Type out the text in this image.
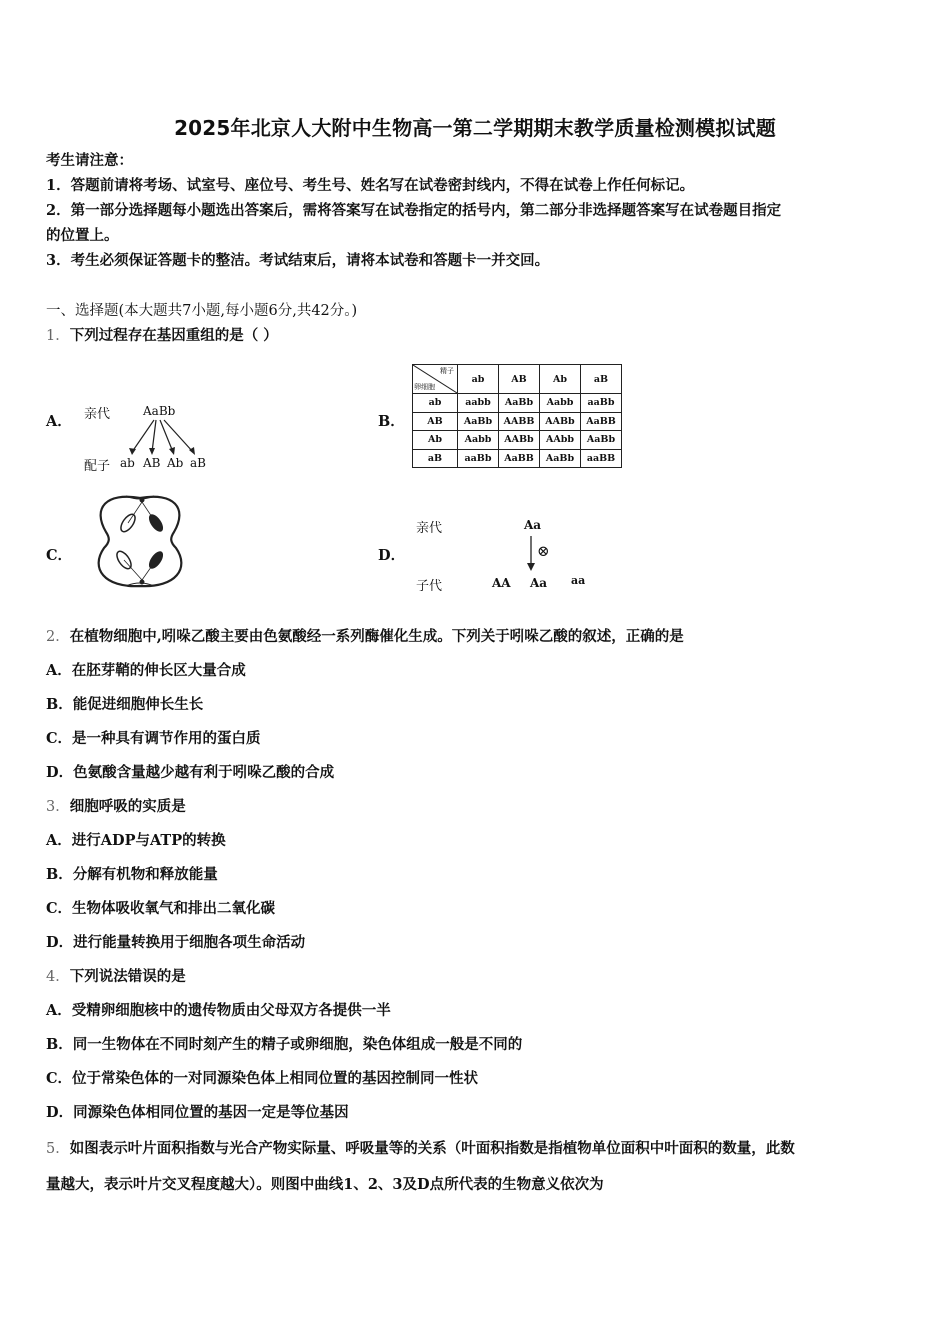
2025年北京人大附中生物高一第二学期期末教学质量检测模拟试题
考生请注意：
1．答题前请将考场、试室号、座位号、考生号、姓名写在试卷密封线内，不得在试卷上作任何标记。
2．第一部分选择题每小题选出答案后，需将答案写在试卷指定的括号内，第二部分非选择题答案写在试卷题目指定
的位置上。
3．考生必须保证答题卡的整洁。考试结束后，请将本试卷和答题卡一并交回。
一、选择题(本大题共7小题,每小题6分,共42分。)
1．下列过程存在基因重组的是（ ）
A． 亲代	AaBb
配子 ab AB Ab aB
B．
精子
卵细胞	ab	AB	Ab	aB
ab	aabb	AaBb	Aabb	aaBb
AB	AaBb	AABB	AABb	AaBB
Ab	Aabb	AABb	AAbb	AaBb
aB	aaBb	AaBB	AaBb	aaBB
C．	D．
亲代	Aa
⊗
子代	AA Aa aa
2．在植物细胞中,吲哚乙酸主要由色氨酸经一系列酶催化生成。下列关于吲哚乙酸的叙述，正确的是
A．在胚芽鞘的伸长区大量合成
B．能促进细胞伸长生长
C．是一种具有调节作用的蛋白质
D．色氨酸含量越少越有利于吲哚乙酸的合成
3．细胞呼吸的实质是
A．进行ADP与ATP的转换
B．分解有机物和释放能量
C．生物体吸收氧气和排出二氧化碳
D．进行能量转换用于细胞各项生命活动
4．下列说法错误的是
A．受精卵细胞核中的遗传物质由父母双方各提供一半
B．同一生物体在不同时刻产生的精子或卵细胞，染色体组成一般是不同的
C．位于常染色体的一对同源染色体上相同位置的基因控制同一性状
D．同源染色体相同位置的基因一定是等位基因
5．如图表示叶片面积指数与光合产物实际量、呼吸量等的关系（叶面积指数是指植物单位面积中叶面积的数量，此数
量越大，表示叶片交叉程度越大）。则图中曲线1、2、3及D点所代表的生物意义依次为
